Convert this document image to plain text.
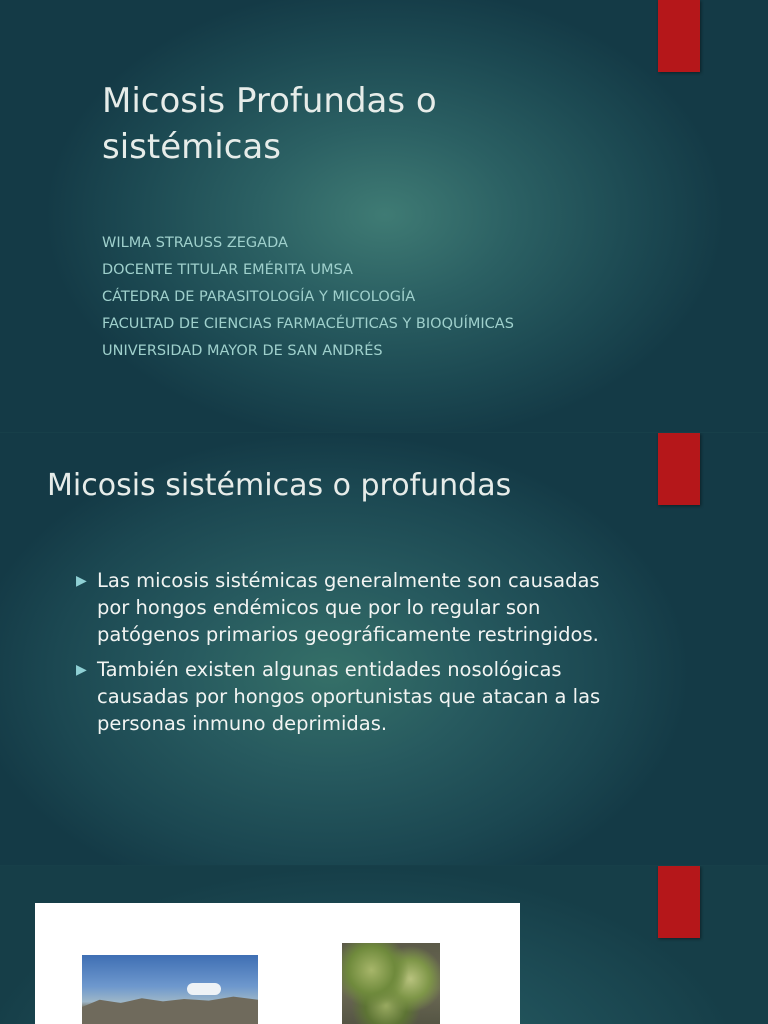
Micosis Profundas o sistémicas
WILMA STRAUSS ZEGADA
DOCENTE TITULAR EMÉRITA UMSA
CÁTEDRA DE PARASITOLOGÍA Y MICOLOGÍA
FACULTAD DE CIENCIAS FARMACÉUTICAS Y BIOQUÍMICAS
UNIVERSIDAD MAYOR DE SAN ANDRÉS
Micosis sistémicas o profundas
▶ Las micosis sistémicas generalmente son causadas por hongos endémicos que por lo regular son patógenos primarios geográficamente restringidos.
▶ También existen algunas entidades nosológicas causadas por hongos oportunistas que atacan a las personas inmuno deprimidas.
